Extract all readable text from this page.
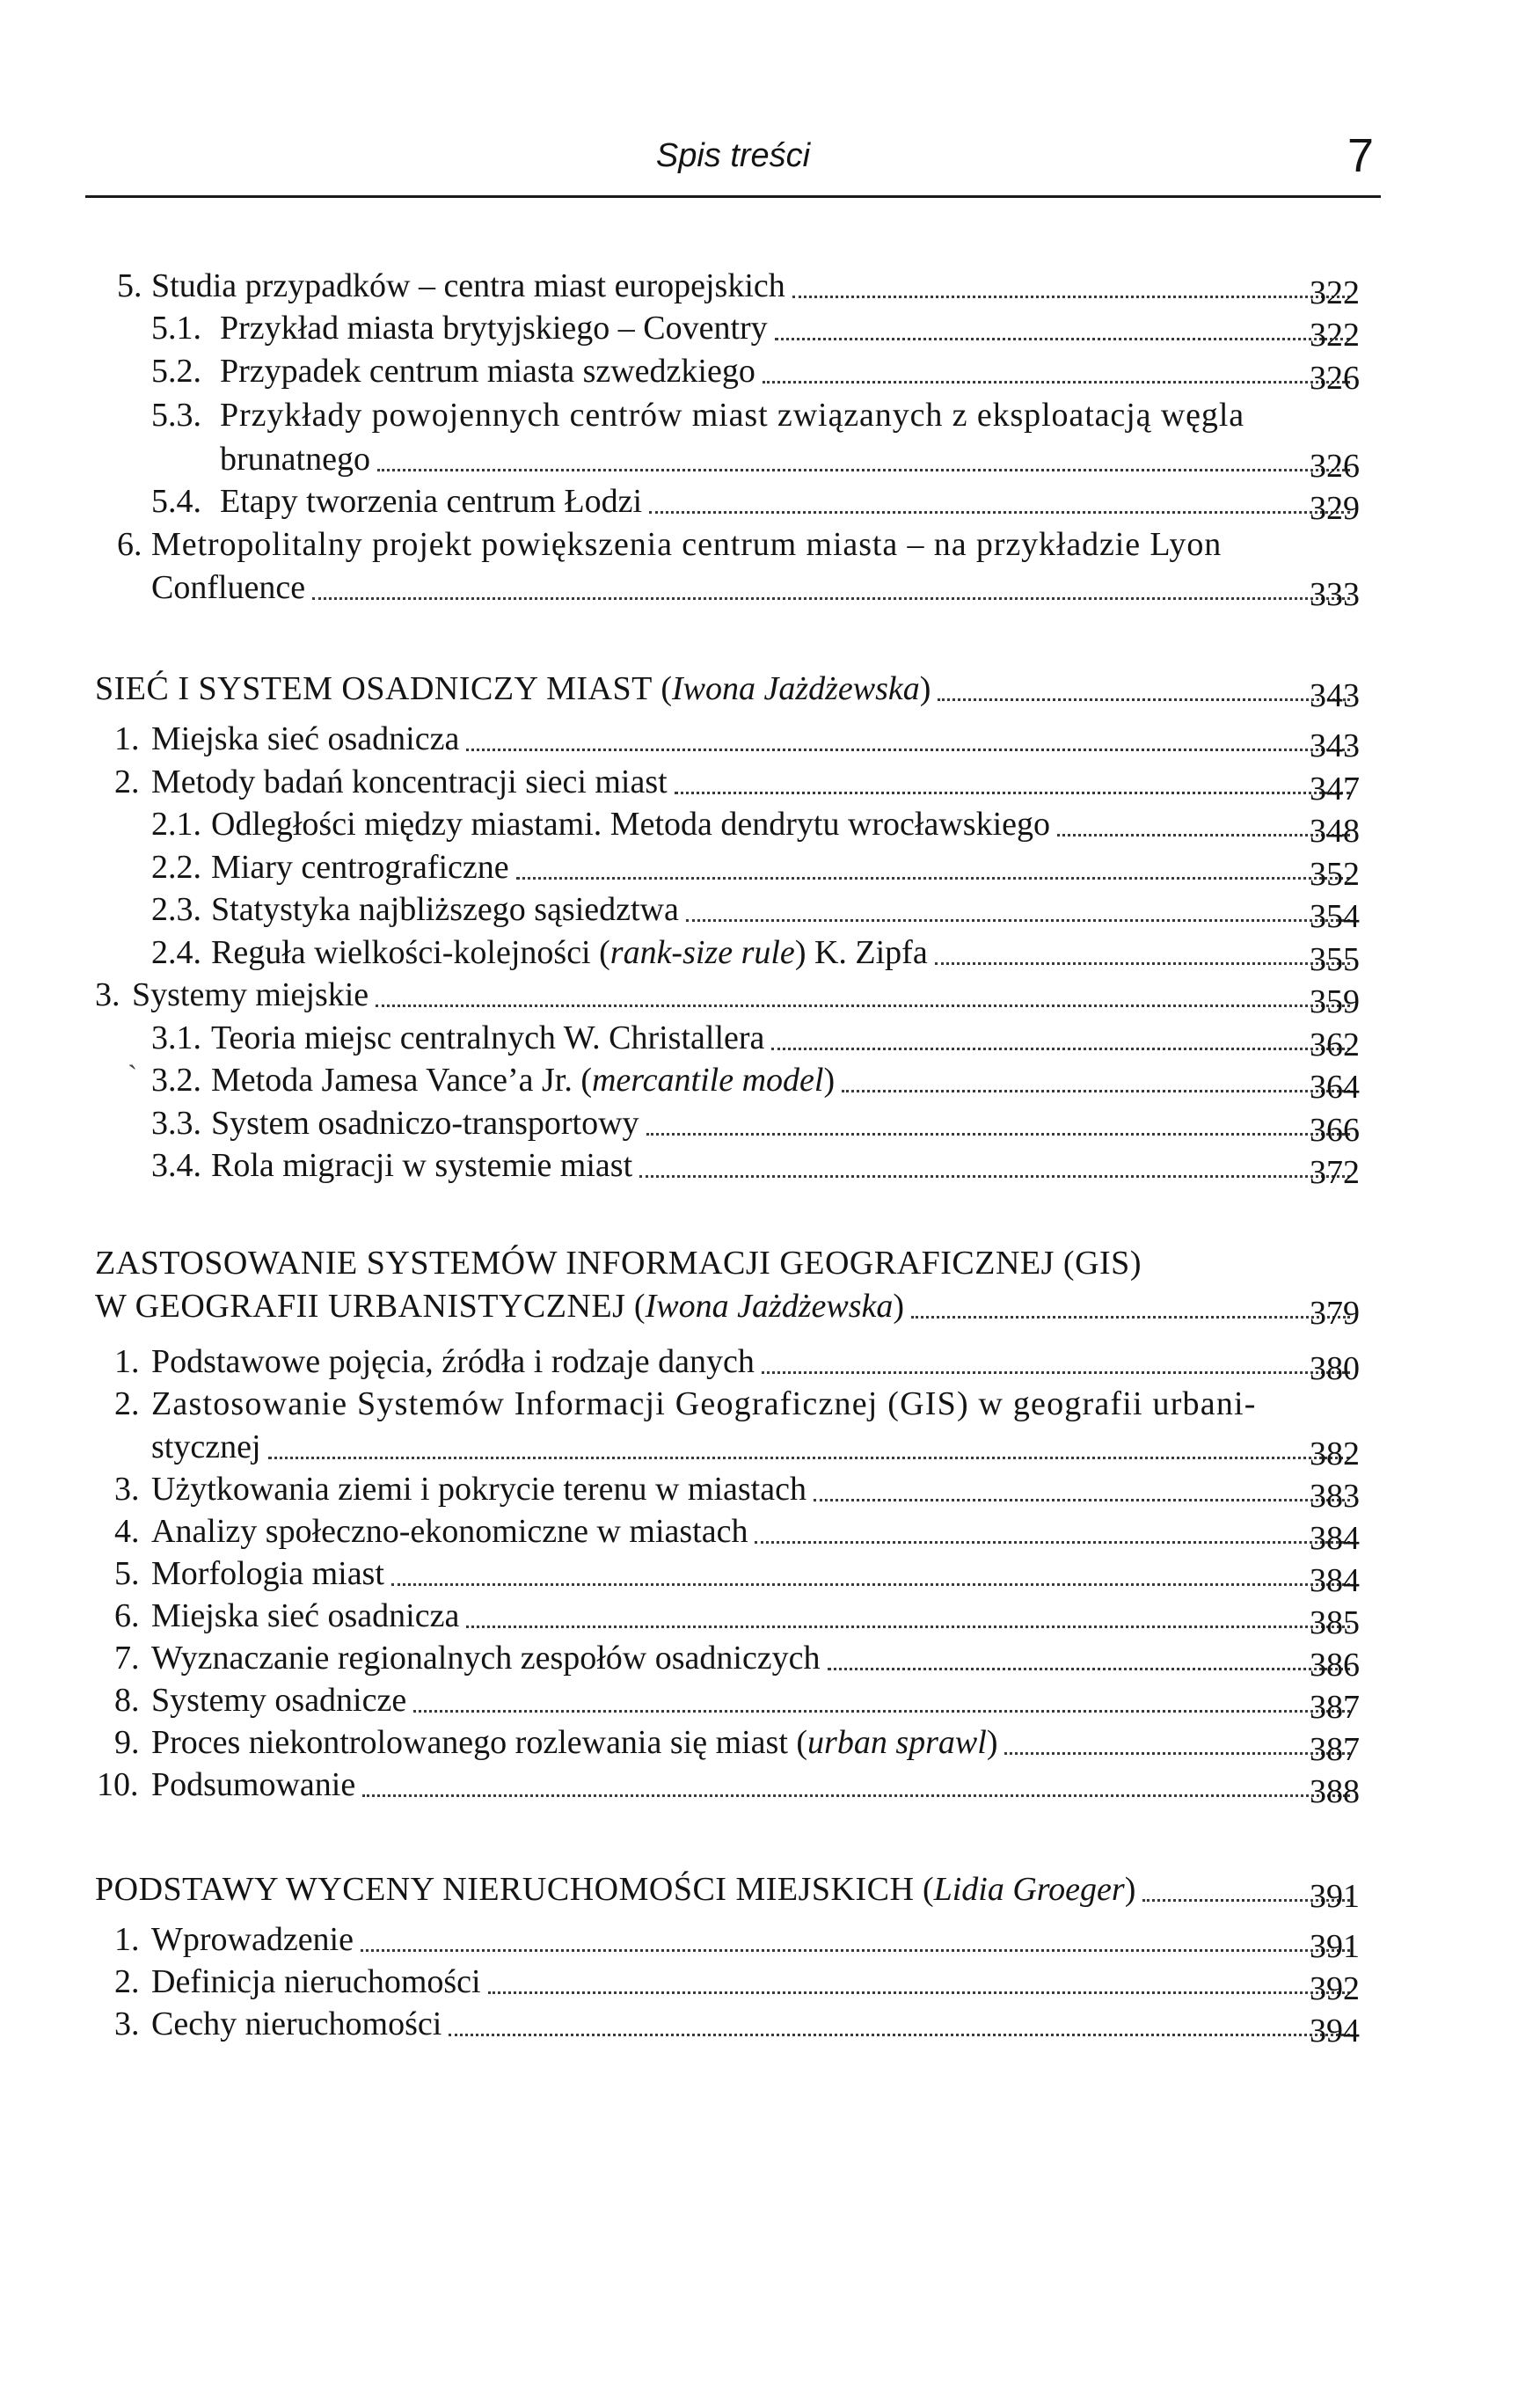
Spis treści	7
5. Studia przypadków – centra miast europejskich	322
5.1. Przykład miasta brytyjskiego – Coventry	322
5.2. Przypadek centrum miasta szwedzkiego	326
5.3. Przykłady powojennych centrów miast związanych z eksploatacją węgla
brunatnego	326
5.4. Etapy tworzenia centrum Łodzi	329
6. Metropolitalny projekt powiększenia centrum miasta – na przykładzie Lyon
Confluence	333
SIEĆ I SYSTEM OSADNICZY MIAST (Iwona Jażdżewska)	343
1. Miejska sieć osadnicza	343
2. Metody badań koncentracji sieci miast	347
2.1. Odległości między miastami. Metoda dendrytu wrocławskiego	348
2.2. Miary centrograficzne	352
2.3. Statystyka najbliższego sąsiedztwa	354
2.4. Reguła wielkości-kolejności (rank-size rule) K. Zipfa	355
3. Systemy miejskie	359
3.1. Teoria miejsc centralnych W. Christallera	362
3.2. Metoda Jamesa Vance’a Jr. (mercantile model)	364
3.3. System osadniczo-transportowy	366
3.4. Rola migracji w systemie miast	372
ZASTOSOWANIE SYSTEMÓW INFORMACJI GEOGRAFICZNEJ (GIS)
W GEOGRAFII URBANISTYCZNEJ (Iwona Jażdżewska)	379
1. Podstawowe pojęcia, źródła i rodzaje danych	380
2. Zastosowanie Systemów Informacji Geograficznej (GIS) w geografii urbani-
stycznej	382
3. Użytkowania ziemi i pokrycie terenu w miastach	383
4. Analizy społeczno-ekonomiczne w miastach	384
5. Morfologia miast	384
6. Miejska sieć osadnicza	385
7. Wyznaczanie regionalnych zespołów osadniczych	386
8. Systemy osadnicze	387
9. Proces niekontrolowanego rozlewania się miast (urban sprawl)	387
10. Podsumowanie	388
PODSTAWY WYCENY NIERUCHOMOŚCI MIEJSKICH (Lidia Groeger)	391
1. Wprowadzenie	391
2. Definicja nieruchomości	392
3. Cechy nieruchomości	394
`
